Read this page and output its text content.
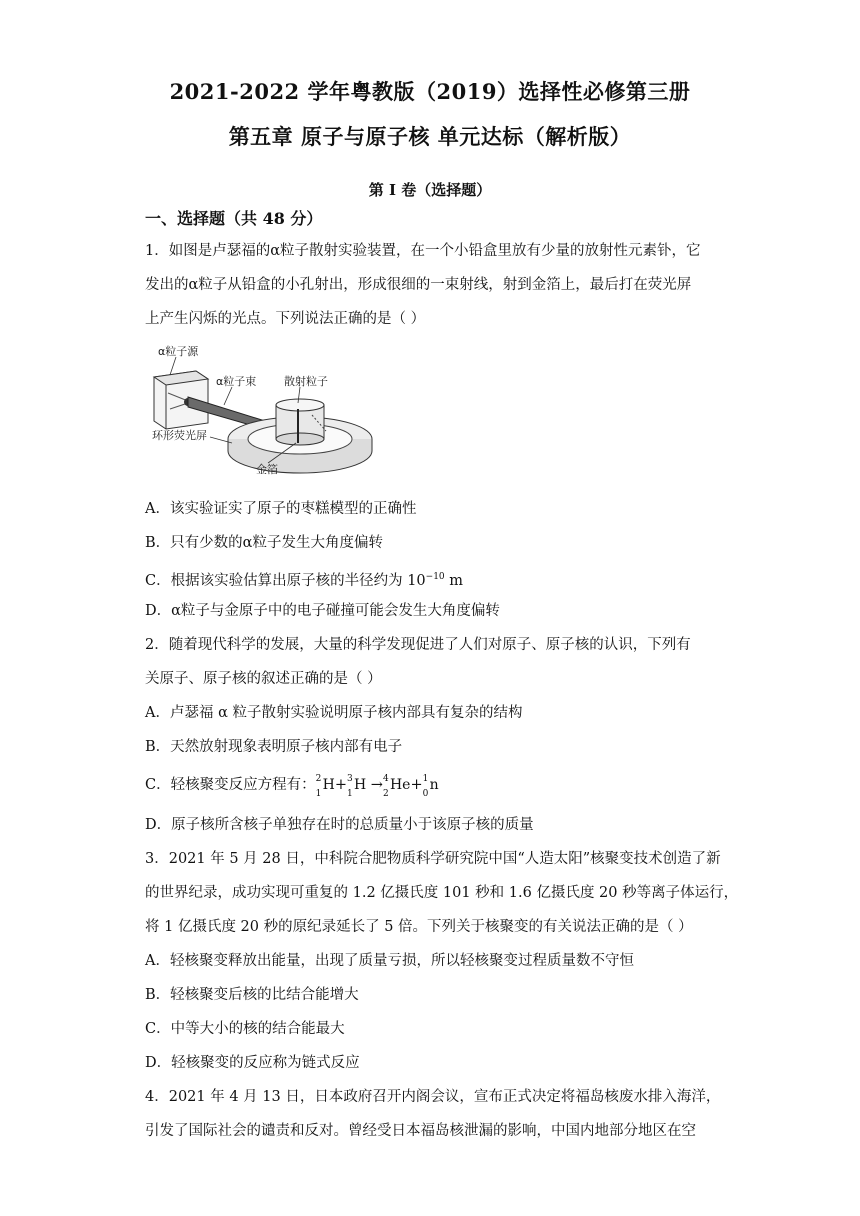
2021-2022 学年粤教版（2019）选择性必修第三册
第五章 原子与原子核 单元达标（解析版）
第 I 卷（选择题）
一、选择题（共 48 分）
1．如图是卢瑟福的α粒子散射实验装置，在一个小铅盒里放有少量的放射性元素钋，它
发出的α粒子从铅盒的小孔射出，形成很细的一束射线，射到金箔上，最后打在荧光屏
上产生闪烁的光点。下列说法正确的是（ ）
α粒子源
α粒子束	散射粒子
环形荧光屏
金箔
A．该实验证实了原子的枣糕模型的正确性
B．只有少数的α粒子发生大角度偏转
C．根据该实验估算出原子核的半径约为 $10^{-10}$ m
D．α粒子与金原子中的电子碰撞可能会发生大角度偏转
2．随着现代科学的发展，大量的科学发现促进了人们对原子、原子核的认识，下列有
关原子、原子核的叙述正确的是（ ）
A．卢瑟福 α 粒子散射实验说明原子核内部具有复杂的结构
B．天然放射现象表明原子核内部有电子
C．轻核聚变反应方程有： 2
1
H+ 3
1
H → 4
2
He+ 1
0
n
D．原子核所含核子单独存在时的总质量小于该原子核的质量
3．2021 年 5 月 28 日，中科院合肥物质科学研究院中国“人造太阳”核聚变技术创造了新
的世界纪录，成功实现可重复的 1.2 亿摄氏度 101 秒和 1.6 亿摄氏度 20 秒等离子体运行，
将 1 亿摄氏度 20 秒的原纪录延长了 5 倍。下列关于核聚变的有关说法正确的是（ ）
A．轻核聚变释放出能量，出现了质量亏损，所以轻核聚变过程质量数不守恒
B．轻核聚变后核的比结合能增大
C．中等大小的核的结合能最大
D．轻核聚变的反应称为链式反应
4．2021 年 4 月 13 日，日本政府召开内阁会议，宣布正式决定将福岛核废水排入海洋，
引发了国际社会的谴责和反对。曾经受日本福岛核泄漏的影响，中国内地部分地区在空
